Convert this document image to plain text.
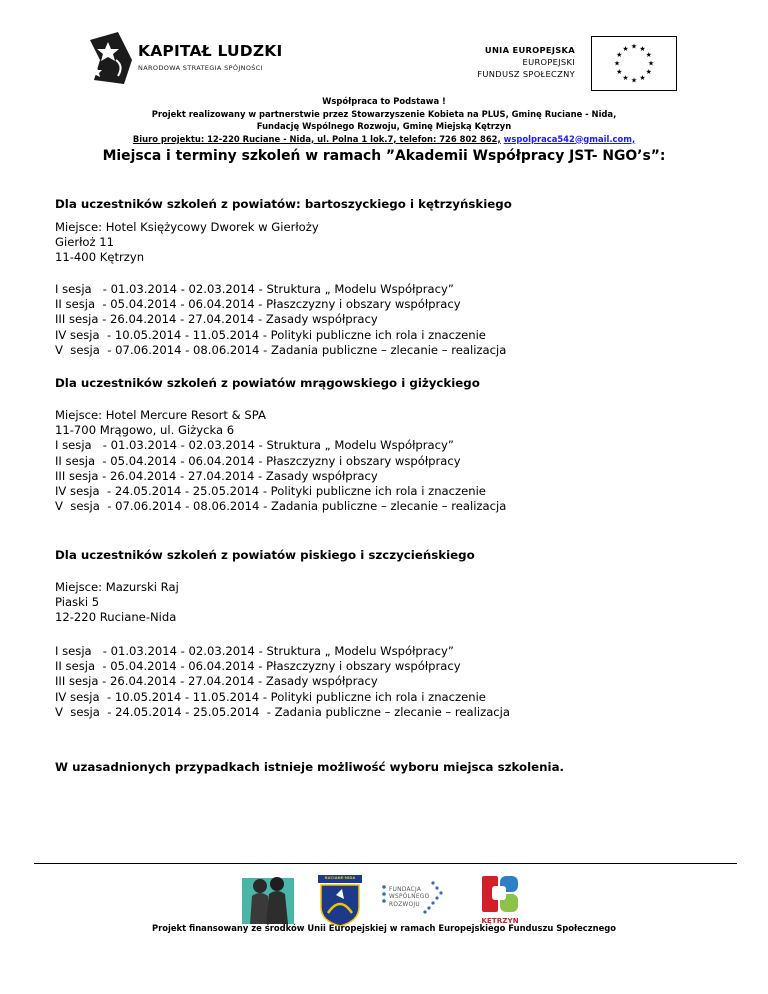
KAPITAŁ LUDZKI
NARODOWA STRATEGIA SPÓJNOŚCI
UNIA EUROPEJSKA
EUROPEJSKI
FUNDUSZ SPOŁECZNY
★ ★
★
★
★
★
★
★
★
★
★
★
Współpraca to Podstawa !
Projekt realizowany w partnerstwie przez Stowarzyszenie Kobieta na PLUS, Gminę Ruciane - Nida,
Fundację Wspólnego Rozwoju, Gminę Miejską Kętrzyn
Biuro projektu: 12-220 Ruciane - Nida, ul. Polna 1 lok.7, telefon: 726 802 862, wspolpraca542@gmail.com,
Miejsca i terminy szkoleń w ramach ”Akademii Współpracy JST- NGO’s”:
Dla uczestników szkoleń z powiatów: bartoszyckiego i kętrzyńskiego
Miejsce: Hotel Księżycowy Dworek w Gierłoży
Gierłoż 11
11-400 Kętrzyn
I sesja   - 01.03.2014 - 02.03.2014 - Struktura „ Modelu Współpracy”
II sesja  - 05.04.2014 - 06.04.2014 - Płaszczyzny i obszary współpracy
III sesja - 26.04.2014 - 27.04.2014 - Zasady współpracy
IV sesja  - 10.05.2014 - 11.05.2014 - Polityki publiczne ich rola i znaczenie
V  sesja  - 07.06.2014 - 08.06.2014 - Zadania publiczne – zlecanie – realizacja
Dla uczestników szkoleń z powiatów mrągowskiego i giżyckiego
Miejsce: Hotel Mercure Resort & SPA
11-700 Mrągowo, ul. Giżycka 6
I sesja   - 01.03.2014 - 02.03.2014 - Struktura „ Modelu Współpracy”
II sesja  - 05.04.2014 - 06.04.2014 - Płaszczyzny i obszary współpracy
III sesja - 26.04.2014 - 27.04.2014 - Zasady współpracy
IV sesja  - 24.05.2014 - 25.05.2014 - Polityki publiczne ich rola i znaczenie
V  sesja  - 07.06.2014 - 08.06.2014 - Zadania publiczne – zlecanie – realizacja
Dla uczestników szkoleń z powiatów piskiego i szczycieńskiego
Miejsce: Mazurski Raj
Piaski 5
12-220 Ruciane-Nida
I sesja   - 01.03.2014 - 02.03.2014 - Struktura „ Modelu Współpracy”
II sesja  - 05.04.2014 - 06.04.2014 - Płaszczyzny i obszary współpracy
III sesja - 26.04.2014 - 27.04.2014 - Zasady współpracy
IV sesja  - 10.05.2014 - 11.05.2014 - Polityki publiczne ich rola i znaczenie
V  sesja  - 24.05.2014 - 25.05.2014  - Zadania publiczne – zlecanie – realizacja
W uzasadnionych przypadkach istnieje możliwość wyboru miejsca szkolenia.
RUCIANE-NIDA
FUNDACJA
WSPÓLNEGO
ROZWOJU
KĘTRZYN
Projekt finansowany ze środków Unii Europejskiej w ramach Europejskiego Funduszu Społecznego
